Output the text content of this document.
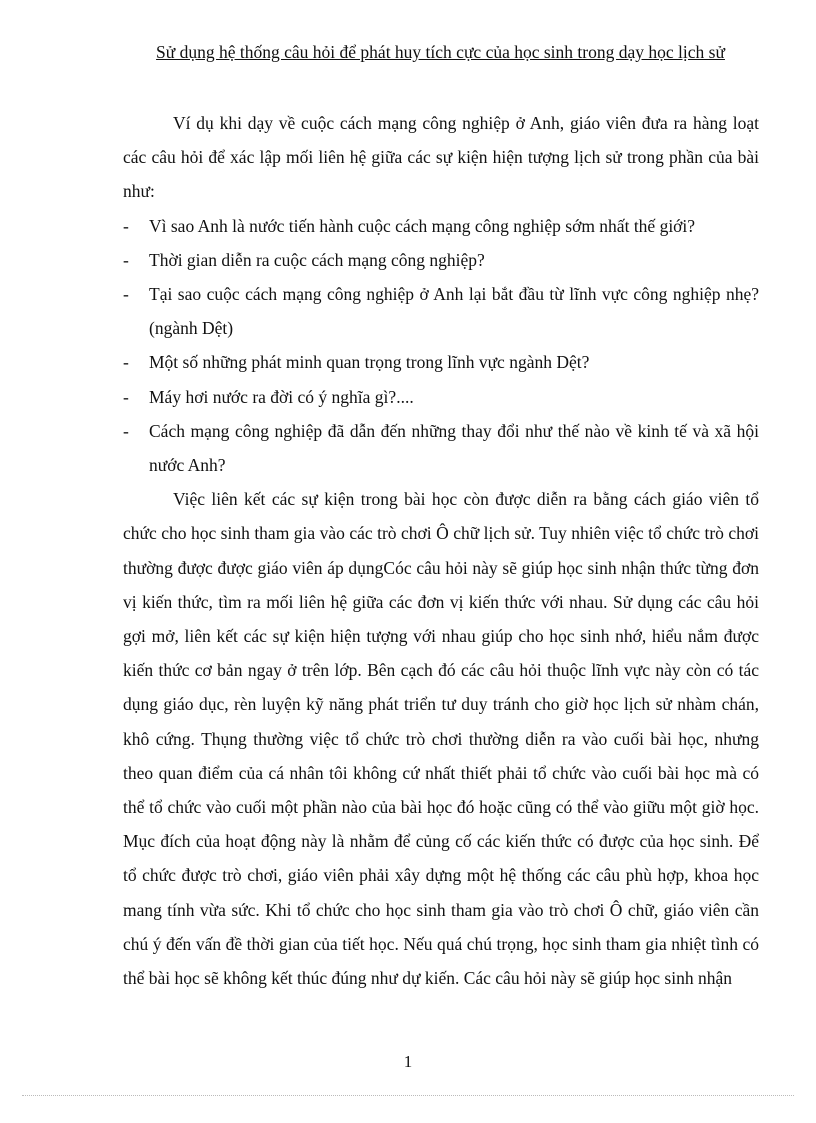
Sử dụng hệ thống câu hỏi để phát huy tích cực của học sinh trong dạy học lịch sử

Ví dụ khi dạy về cuộc cách mạng công nghiệp ở Anh, giáo viên đưa ra hàng loạt các câu hỏi để xác lập mối liên hệ giữa các sự kiện hiện tượng lịch sử trong phần của bài như:

- Vì sao Anh là nước tiến hành cuộc cách mạng công nghiệp sớm nhất thế giới?
- Thời gian diễn ra cuộc cách mạng công nghiệp?
- Tại sao cuộc cách mạng công nghiệp ở Anh lại bắt đầu từ lĩnh vực công nghiệp nhẹ? (ngành Dệt)
- Một số những phát minh quan trọng trong lĩnh vực ngành Dệt?
- Máy hơi nước ra đời có ý nghĩa gì?....
- Cách mạng công nghiệp đã dẫn đến những thay đổi như thế nào về kinh tế và xã hội nước Anh?

Việc liên kết các sự kiện trong bài học còn được diễn ra bằng cách giáo viên tổ chức cho học sinh tham gia vào các trò chơi Ô chữ lịch sử. Tuy nhiên việc tổ chức trò chơi thường được được giáo viên áp dụngCóc câu hỏi này sẽ giúp học sinh nhận thức từng đơn vị kiến thức, tìm ra mối liên hệ giữa các đơn vị kiến thức với nhau. Sử dụng các câu hỏi gợi mở, liên kết các sự kiện hiện tượng với nhau giúp cho học sinh nhớ, hiểu nắm được kiến thức cơ bản ngay ở trên lớp. Bên cạch đó các câu hỏi thuộc lĩnh vực này còn có tác dụng giáo dục, rèn luyện kỹ năng phát triển tư duy tránh cho giờ học lịch sử nhàm chán, khô cứng. Thụng thường việc tổ chức trò chơi thường diễn ra vào cuối bài học, nhưng theo quan điểm của cá nhân tôi không cứ nhất thiết phải tổ chức vào cuối bài học mà có thể tổ chức vào cuối một phần nào của bài học đó hoặc cũng có thể vào giữu một giờ học. Mục đích của hoạt động này là nhằm để củng cố các kiến thức có được của học sinh. Để tổ chức được trò chơi, giáo viên phải xây dựng một hệ thống các câu phù hợp, khoa học mang tính vừa sức. Khi tổ chức cho học sinh tham gia vào trò chơi Ô chữ, giáo viên cần chú ý đến vấn đề thời gian của tiết học. Nếu quá chú trọng, học sinh tham gia nhiệt tình có thể bài học sẽ không kết thúc đúng như dự kiến. Các câu hỏi này sẽ giúp học sinh nhận

1
